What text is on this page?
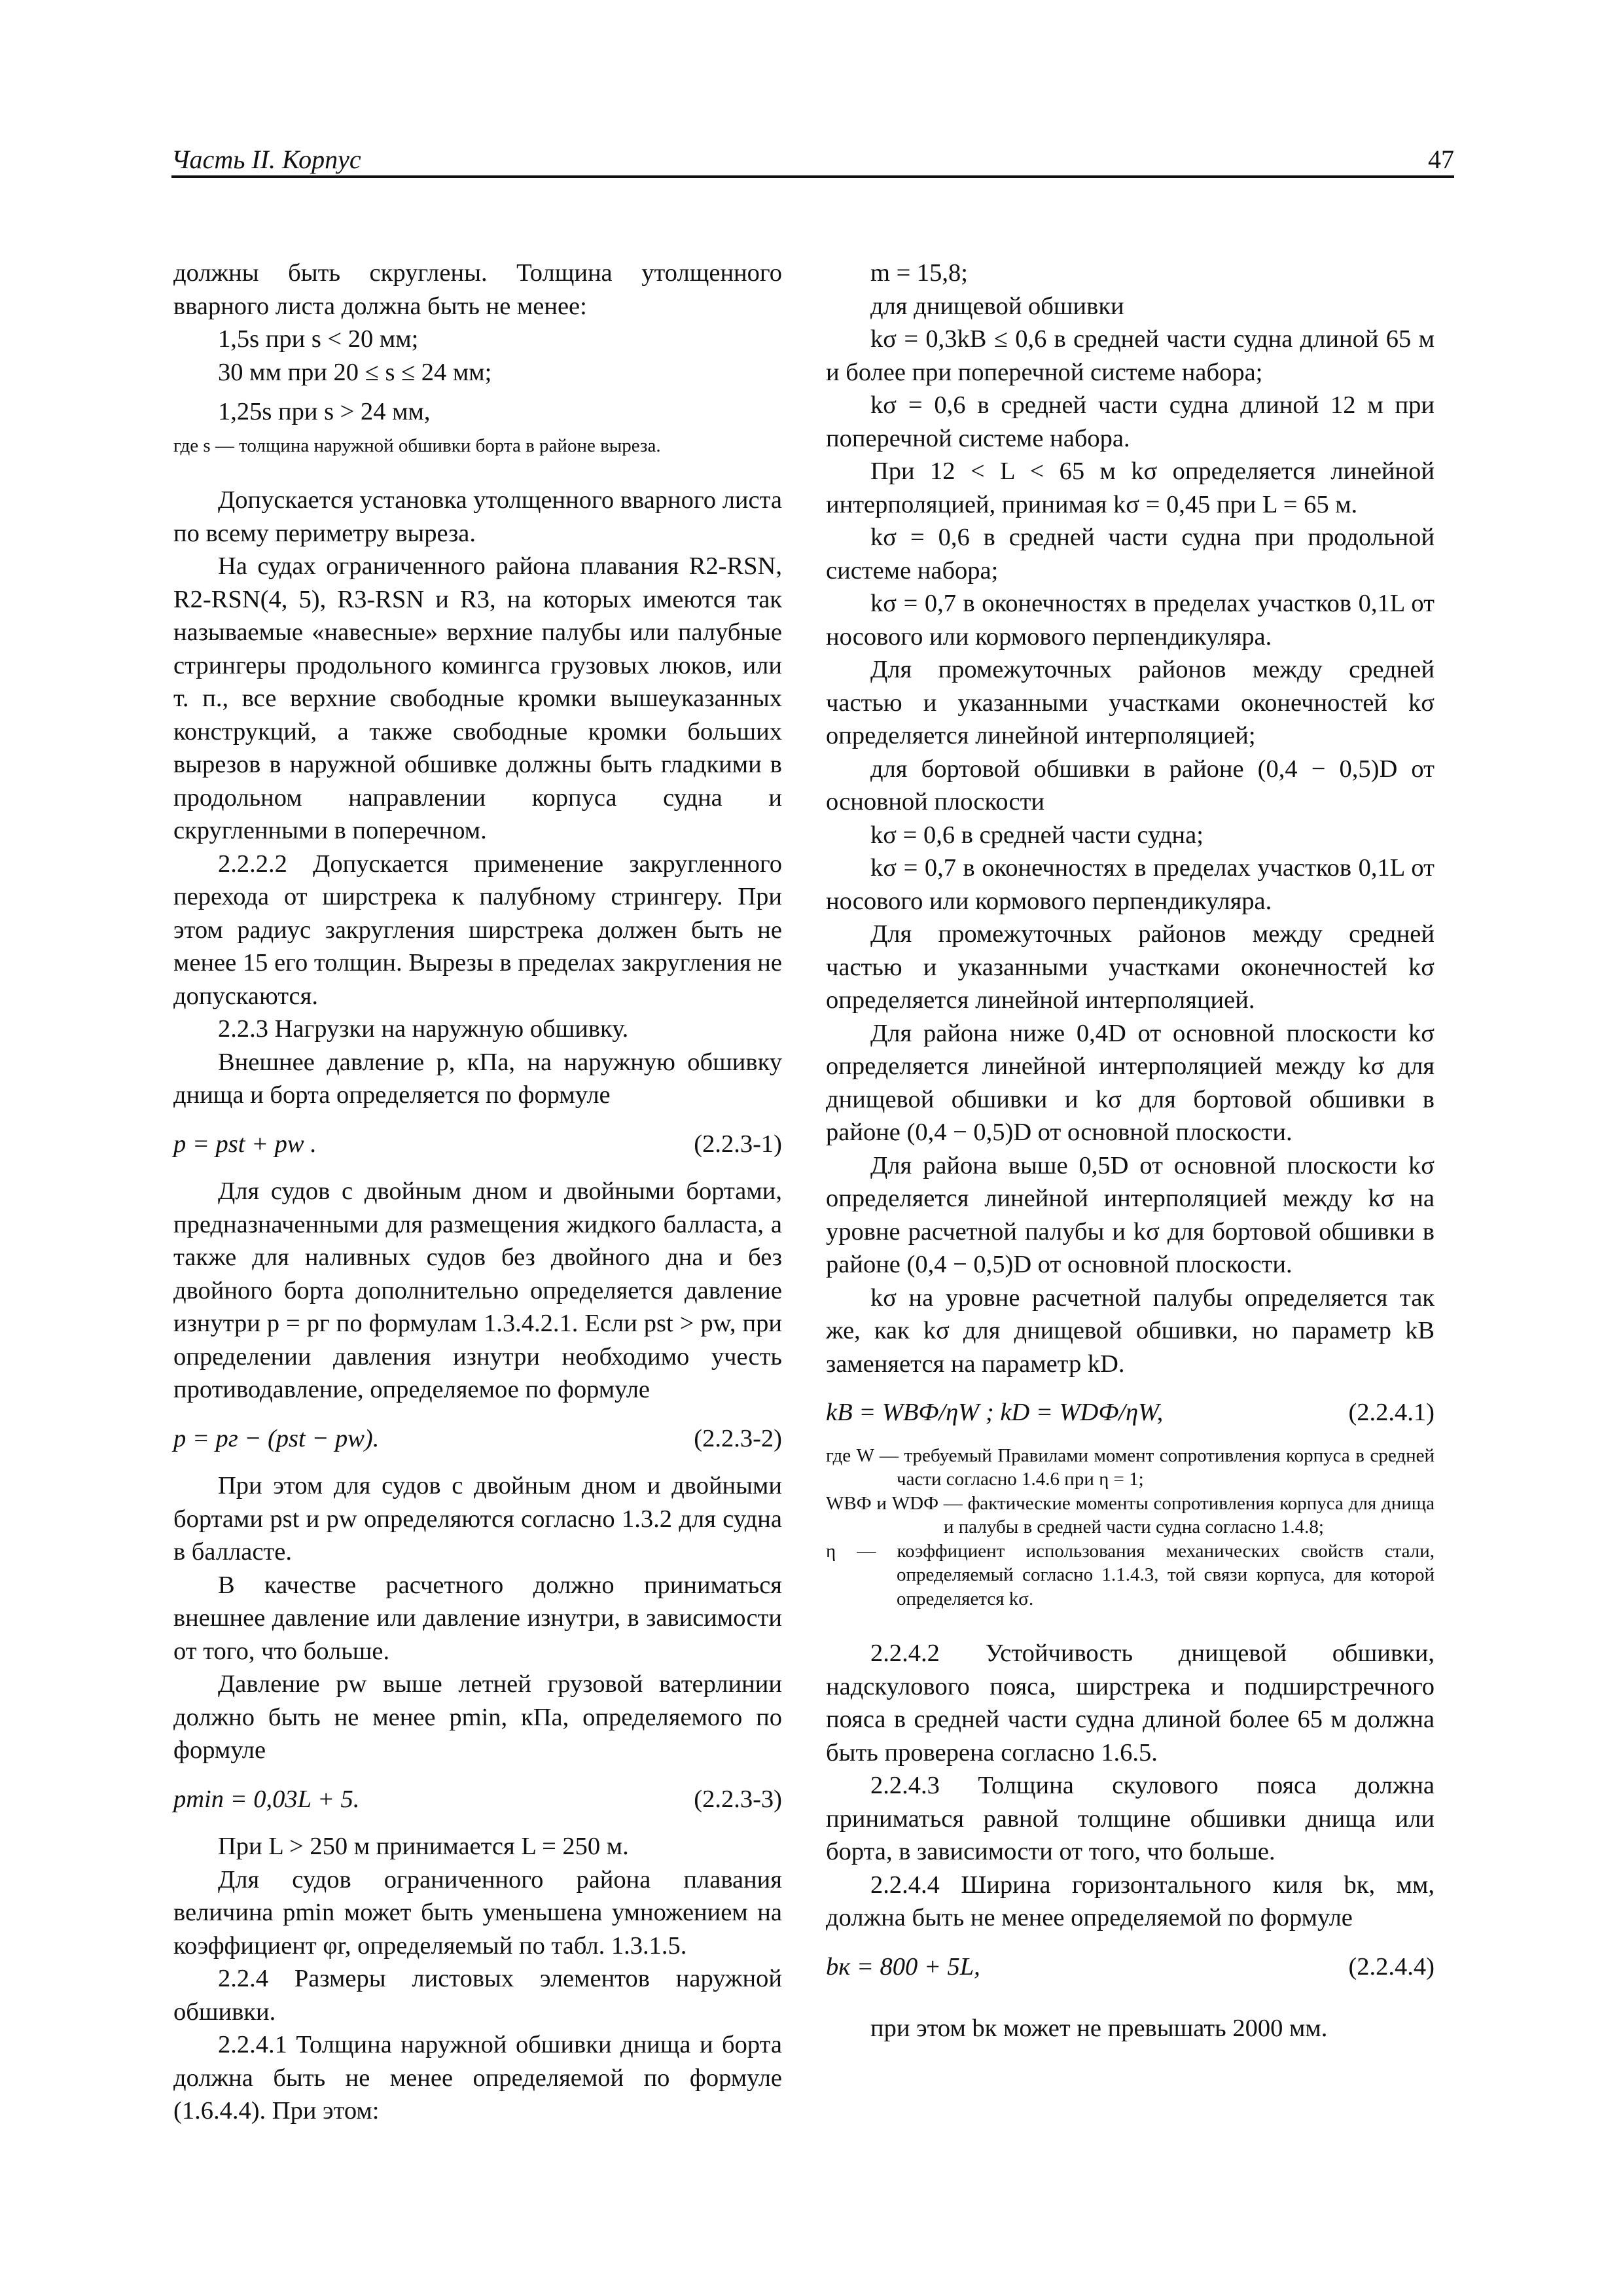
Часть II. Корпус	47

должны быть скруглены. Толщина утолщенного вварного листа должна быть не менее:

1,5s при s < 20 мм;

30 мм при 20 ≤ s ≤ 24 мм;

1,25s при s > 24 мм,

где s — толщина наружной обшивки борта в районе выреза.

Допускается установка утолщенного вварного листа по всему периметру выреза.

На судах ограниченного района плавания R2-RSN, R2-RSN(4, 5), R3-RSN и R3, на которых имеются так называемые «навесные» верхние палубы или палубные стрингеры продольного комингса грузовых люков, или т. п., все верхние свободные кромки вышеуказанных конструкций, а также свободные кромки больших вырезов в наружной обшивке должны быть гладкими в продольном направлении корпуса судна и скругленными в поперечном.

2.2.2.2 Допускается применение закругленного перехода от ширстрека к палубному стрингеру. При этом радиус закругления ширстрека должен быть не менее 15 его толщин. Вырезы в пределах закругления не допускаются.

2.2.3 Нагрузки на наружную обшивку.

Внешнее давление p, кПа, на наружную обшивку днища и борта определяется по формуле

p = pst + pw .	(2.2.3-1)

Для судов с двойным дном и двойными бортами, предназначенными для размещения жидкого балласта, а также для наливных судов без двойного дна и без двойного борта дополнительно определяется давление изнутри p = pг по формулам 1.3.4.2.1. Если pst > pw, при определении давления изнутри необходимо учесть противодавление, определяемое по формуле

p = pг − (pst − pw).	(2.2.3-2)

При этом для судов с двойным дном и двойными бортами pst и pw определяются согласно 1.3.2 для судна в балласте.

В качестве расчетного должно приниматься внешнее давление или давление изнутри, в зависимости от того, что больше.

Давление pw выше летней грузовой ватерлинии должно быть не менее pmin, кПа, определяемого по формуле

pmin = 0,03L + 5.	(2.2.3-3)

При L > 250 м принимается L = 250 м.

Для судов ограниченного района плавания величина pmin может быть уменьшена умножением на коэффициент φr, определяемый по табл. 1.3.1.5.

2.2.4 Размеры листовых элементов наружной обшивки.

2.2.4.1 Толщина наружной обшивки днища и борта должна быть не менее определяемой по формуле (1.6.4.4). При этом:

m = 15,8;

для днищевой обшивки

kσ = 0,3kB ≤ 0,6 в средней части судна длиной 65 м и более при поперечной системе набора;

kσ = 0,6 в средней части судна длиной 12 м при поперечной системе набора.

При 12 < L < 65 м kσ определяется линейной интерполяцией, принимая kσ = 0,45 при L = 65 м.

kσ = 0,6 в средней части судна при продольной системе набора;

kσ = 0,7 в оконечностях в пределах участков 0,1L от носового или кормового перпендикуляра.

Для промежуточных районов между средней частью и указанными участками оконечностей kσ определяется линейной интерполяцией;

для бортовой обшивки в районе (0,4 − 0,5)D от основной плоскости

kσ = 0,6 в средней части судна;

kσ = 0,7 в оконечностях в пределах участков 0,1L от носового или кормового перпендикуляра.

Для промежуточных районов между средней частью и указанными участками оконечностей kσ определяется линейной интерполяцией.

Для района ниже 0,4D от основной плоскости kσ определяется линейной интерполяцией между kσ для днищевой обшивки и kσ для бортовой обшивки в районе (0,4 − 0,5)D от основной плоскости.

Для района выше 0,5D от основной плоскости kσ определяется линейной интерполяцией между kσ на уровне расчетной палубы и kσ для бортовой обшивки в районе (0,4 − 0,5)D от основной плоскости.

kσ на уровне расчетной палубы определяется так же, как kσ для днищевой обшивки, но параметр kB заменяется на параметр kD.

kB = WBФ/ηW ; kD = WDФ/ηW,	(2.2.4.1)

где W — требуемый Правилами момент сопротивления корпуса в средней части согласно 1.4.6 при η = 1;

WBФ и WDФ — фактические моменты сопротивления корпуса для днища и палубы в средней части судна согласно 1.4.8;

η — коэффициент использования механических свойств стали, определяемый согласно 1.1.4.3, той связи корпуса, для которой определяется kσ.

2.2.4.2 Устойчивость днищевой обшивки, надскулового пояса, ширстрека и подширстречного пояса в средней части судна длиной более 65 м должна быть проверена согласно 1.6.5.

2.2.4.3 Толщина скулового пояса должна приниматься равной толщине обшивки днища или борта, в зависимости от того, что больше.

2.2.4.4 Ширина горизонтального киля bк, мм, должна быть не менее определяемой по формуле

bк = 800 + 5L,	(2.2.4.4)

при этом bк может не превышать 2000 мм.
